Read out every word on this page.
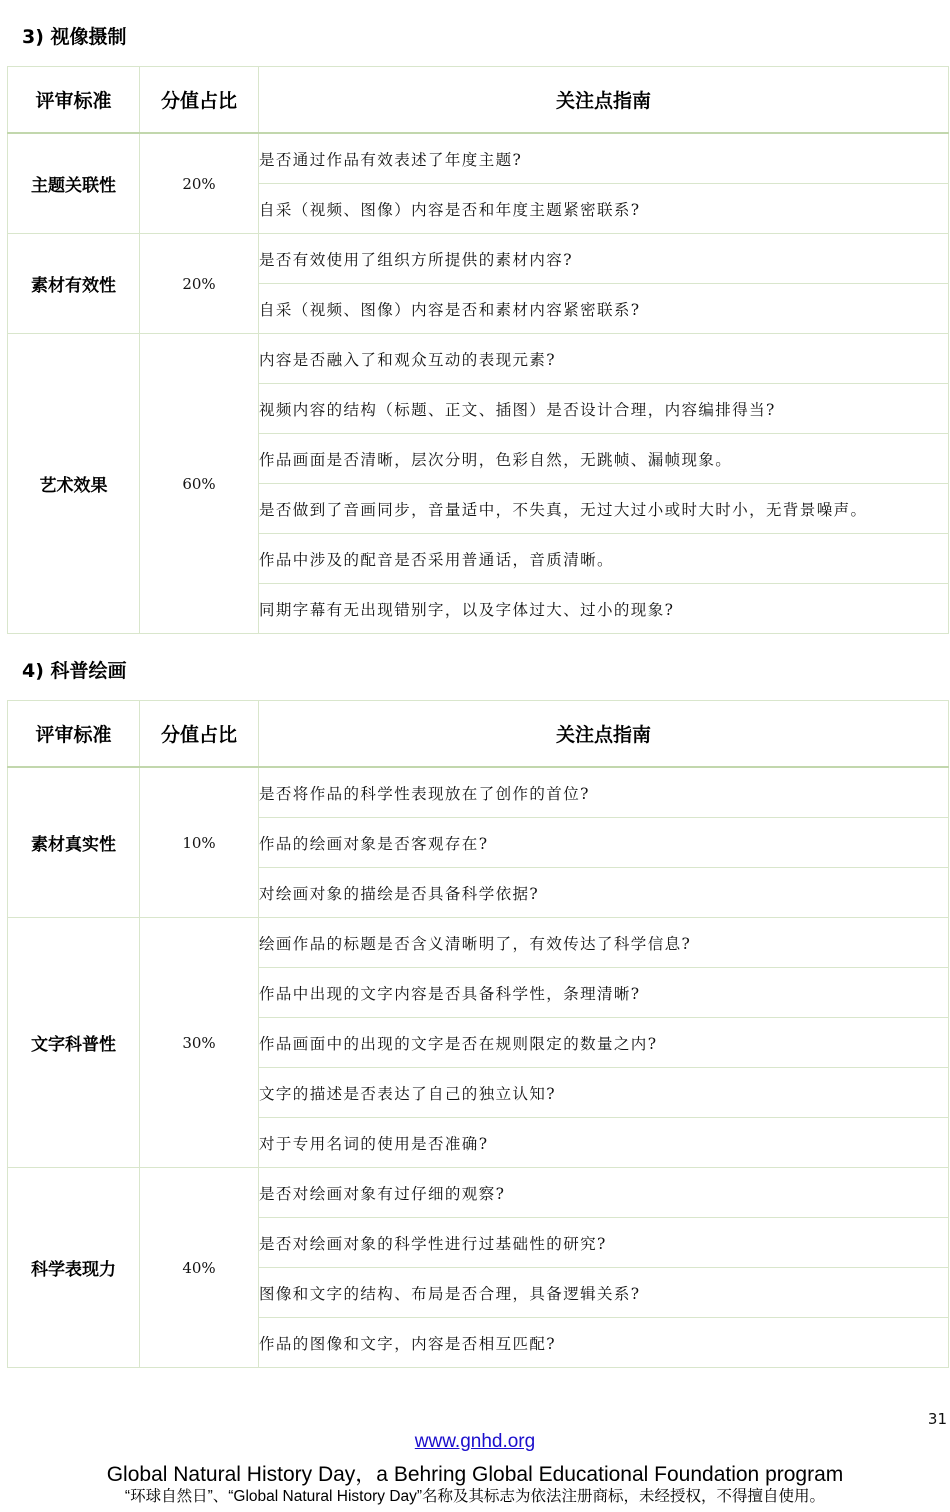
3) 视像摄制
评审标准	分值占比	关注点指南
主题关联性	20%	是否通过作品有效表述了年度主题?
		自采（视频、图像）内容是否和年度主题紧密联系?
素材有效性	20%	是否有效使用了组织方所提供的素材内容?
		自采（视频、图像）内容是否和素材内容紧密联系?
艺术效果	60%	内容是否融入了和观众互动的表现元素?
		视频内容的结构（标题、正文、插图）是否设计合理，内容编排得当?
		作品画面是否清晰，层次分明，色彩自然，无跳帧、漏帧现象。
		是否做到了音画同步，音量适中，不失真，无过大过小或时大时小，无背景噪声。
		作品中涉及的配音是否采用普通话，音质清晰。
		同期字幕有无出现错别字，以及字体过大、过小的现象?
4) 科普绘画
评审标准	分值占比	关注点指南
素材真实性	10%	是否将作品的科学性表现放在了创作的首位?
		作品的绘画对象是否客观存在?
		对绘画对象的描绘是否具备科学依据?
文字科普性	30%	绘画作品的标题是否含义清晰明了，有效传达了科学信息?
		作品中出现的文字内容是否具备科学性，条理清晰?
		作品画面中的出现的文字是否在规则限定的数量之内?
		文字的描述是否表达了自己的独立认知?
		对于专用名词的使用是否准确?
科学表现力	40%	是否对绘画对象有过仔细的观察?
		是否对绘画对象的科学性进行过基础性的研究?
		图像和文字的结构、布局是否合理，具备逻辑关系?
		作品的图像和文字，内容是否相互匹配?
31
www.gnhd.org
Global Natural History Day，a Behring Global Educational Foundation program
“环球自然日”、“Global Natural History Day”名称及其标志为依法注册商标，未经授权，不得擅自使用。
